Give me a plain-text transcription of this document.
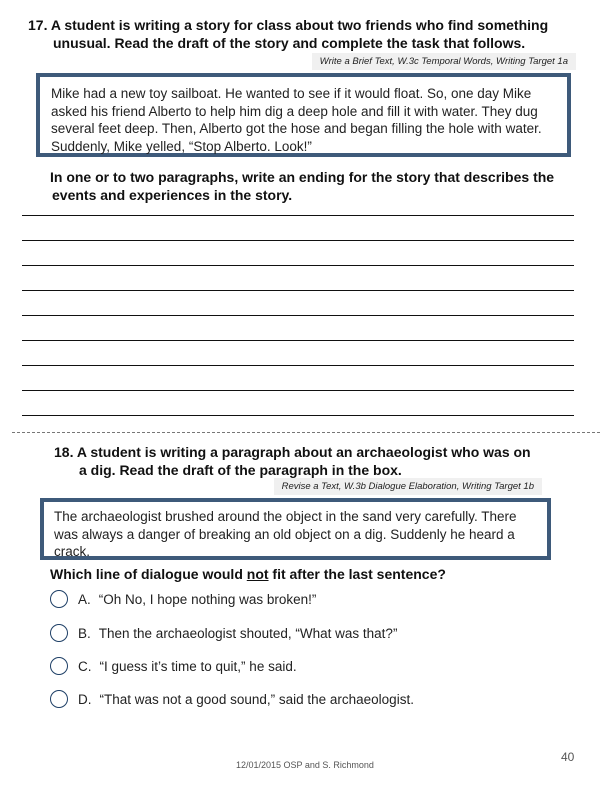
17. A student is writing a story for class about two friends who find something
unusual. Read the draft of the story and complete the task that follows.
Write a Brief Text, W.3c Temporal Words, Writing Target 1a
Mike had a new toy sailboat. He wanted to see if it would float. So, one day Mike
asked his friend Alberto to help him dig a deep hole and fill it with water. They dug
several feet deep. Then, Alberto got the hose and began filling the hole with water.
Suddenly, Mike yelled, “Stop Alberto. Look!”
In one or to two paragraphs, write an ending for the story that describes the
events and experiences in the story.
18. A student is writing a paragraph about an archaeologist who was on
a dig. Read the draft of the paragraph in the box.
Revise a Text, W.3b Dialogue Elaboration, Writing Target 1b
The archaeologist brushed around the object in the sand very carefully. There
was always a danger of breaking an old object on a dig. Suddenly he heard a
crack.
Which line of dialogue would not fit after the last sentence?
A. “Oh No, I hope nothing was broken!”
B. Then the archaeologist shouted, “What was that?”
C. “I guess it’s time to quit,” he said.
D. “That was not a good sound,” said the archaeologist.
12/01/2015 OSP and S. Richmond
40
